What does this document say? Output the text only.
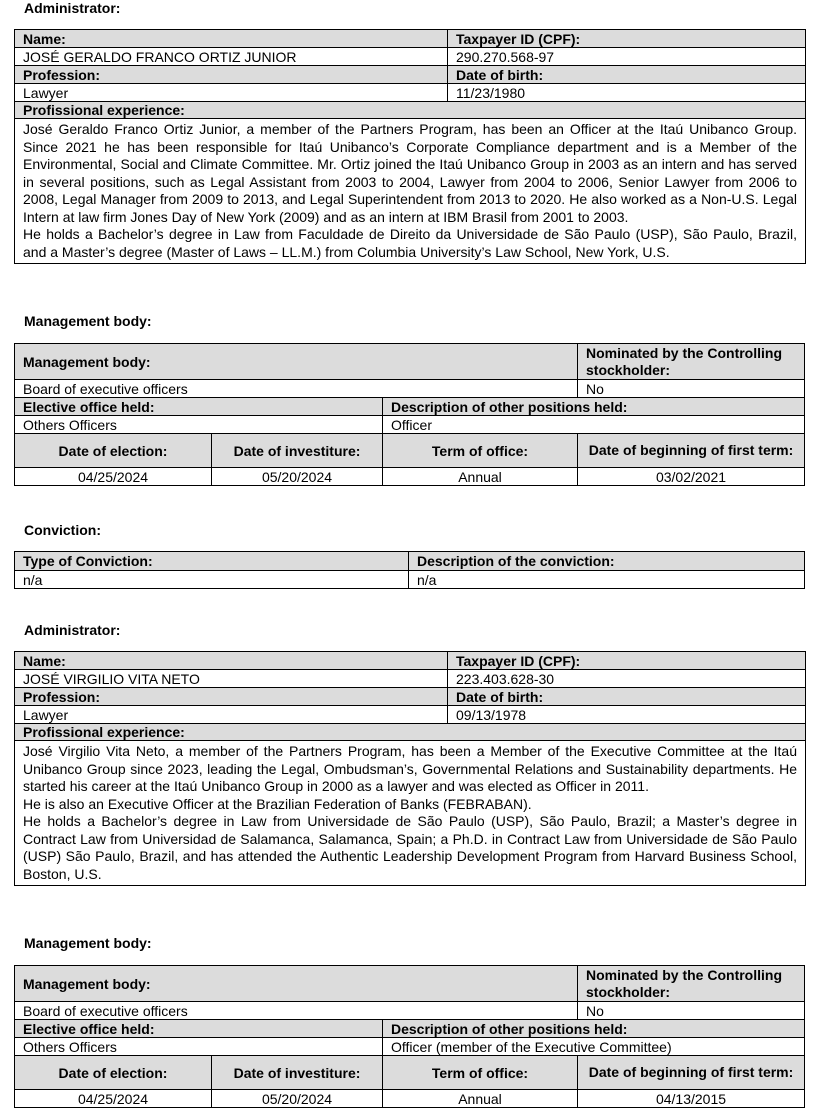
Administrator:
Name:	Taxpayer ID (CPF):
JOSÉ GERALDO FRANCO ORTIZ JUNIOR	290.270.568-97
Profession:	Date of birth:
Lawyer	11/23/1980
Profissional experience:	

José Geraldo Franco Ortiz Junior, a member of the Partners Program, has been an Officer at the Itaú Unibanco Group. Since 2021 he has been responsible for Itaú Unibanco’s Corporate Compliance department and is a Member of the Environmental, Social and Climate Committee. Mr. Ortiz joined the Itaú Unibanco Group in 2003 as an intern and has served in several positions, such as Legal Assistant from 2003 to 2004, Lawyer from 2004 to 2006, Senior Lawyer from 2006 to 2008, Legal Manager from 2009 to 2013, and Legal Superintendent from 2013 to 2020. He also worked as a Non-U.S. Legal Intern at law firm Jones Day of New York (2009) and as an intern at IBM Brasil from 2001 to 2003.
He holds a Bachelor’s degree in Law from Faculdade de Direito da Universidade de São Paulo (USP), São Paulo, Brazil, and a Master’s degree (Master of Laws – LL.M.) from Columbia University’s Law School, New York, U.S.	
Management body:
Management body:			Nominated by the Controlling stockholder:
Board of executive officers			No
Elective office held:		Description of other positions held:	
Others Officers		Officer	
Date of election:	Date of investiture:	Term of office:	Date of beginning of first term:
04/25/2024	05/20/2024	Annual	03/02/2021
Conviction:
Type of Conviction:	Description of the conviction:
n/a	n/a
Administrator:
Name:	Taxpayer ID (CPF):
JOSÉ VIRGILIO VITA NETO	223.403.628-30
Profession:	Date of birth:
Lawyer	09/13/1978
Profissional experience:	

José Virgilio Vita Neto, a member of the Partners Program, has been a Member of the Executive Committee at the Itaú Unibanco Group since 2023, leading the Legal, Ombudsman’s, Governmental Relations and Sustainability departments. He started his career at the Itaú Unibanco Group in 2000 as a lawyer and was elected as Officer in 2011.
He is also an Executive Officer at the Brazilian Federation of Banks (FEBRABAN).
He holds a Bachelor’s degree in Law from Universidade de São Paulo (USP), São Paulo, Brazil; a Master’s degree in Contract Law from Universidad de Salamanca, Salamanca, Spain; a Ph.D. in Contract Law from Universidade de São Paulo (USP) São Paulo, Brazil, and has attended the Authentic Leadership Development Program from Harvard Business School, Boston, U.S.	
Management body:
Management body:			Nominated by the Controlling stockholder:
Board of executive officers			No
Elective office held:		Description of other positions held:	
Others Officers		Officer (member of the Executive Committee)	
Date of election:	Date of investiture:	Term of office:	Date of beginning of first term:
04/25/2024	05/20/2024	Annual	04/13/2015
